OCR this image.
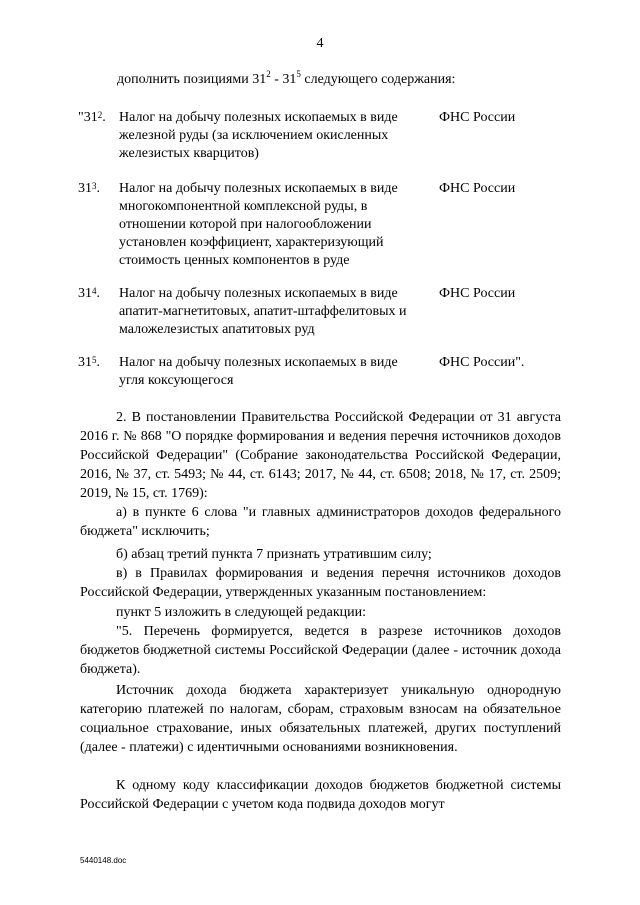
4
дополнить позициями $31^2 - 31^5$ следующего содержания:
"$31^2$. Налог на добычу полезных ископаемых в виде железной руды (за исключением окисленных железистых кварцитов)
ФНС России
$31^3$. Налог на добычу полезных ископаемых в виде многокомпонентной комплексной руды, в отношении которой при налогообложении установлен коэффициент, характеризующий стоимость ценных компонентов в руде
ФНС России
$31^4$. Налог на добычу полезных ископаемых в виде апатит-магнетитовых, апатит-штаффелитовых и маложелезистых апатитовых руд
ФНС России
$31^5$. Налог на добычу полезных ископаемых в виде угля коксующегося
ФНС России".
2. В постановлении Правительства Российской Федерации от 31 августа 2016 г. № 868 "О порядке формирования и ведения перечня источников доходов Российской Федерации" (Собрание законодательства Российской Федерации, 2016, № 37, ст. 5493; № 44, ст. 6143; 2017, № 44, ст. 6508; 2018, № 17, ст. 2509; 2019, № 15, ст. 1769):
а) в пункте 6 слова "и главных администраторов доходов федерального бюджета" исключить;
б) абзац третий пункта 7 признать утратившим силу;
в) в Правилах формирования и ведения перечня источников доходов Российской Федерации, утвержденных указанным постановлением:
пункт 5 изложить в следующей редакции:
"5. Перечень формируется, ведется в разрезе источников доходов бюджетов бюджетной системы Российской Федерации (далее - источник дохода бюджета).
Источник дохода бюджета характеризует уникальную однородную категорию платежей по налогам, сборам, страховым взносам на обязательное социальное страхование, иных обязательных платежей, других поступлений (далее - платежи) с идентичными основаниями возникновения.
К одному коду классификации доходов бюджетов бюджетной системы Российской Федерации с учетом кода подвида доходов могут
5440148.doc
